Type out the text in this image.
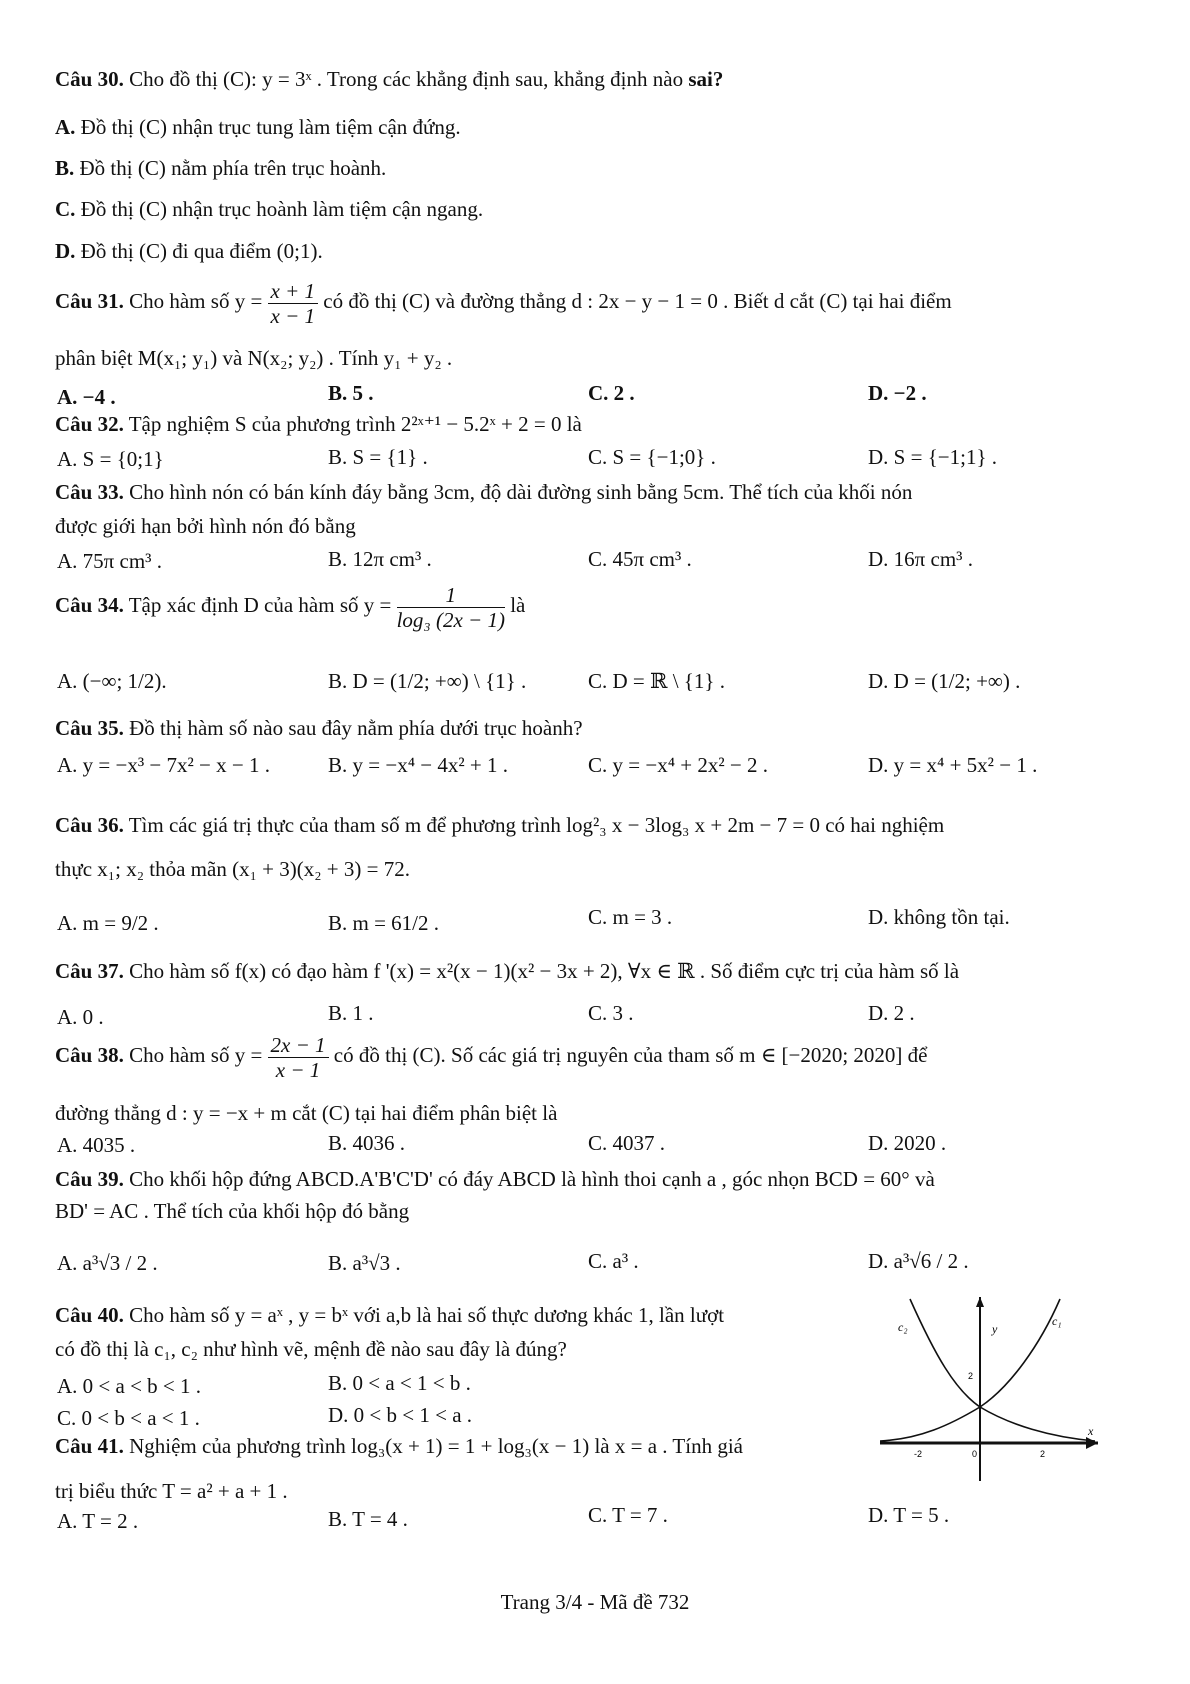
Câu 30. Cho đồ thị (C): y = 3ˣ . Trong các khẳng định sau, khẳng định nào sai?
A. Đồ thị (C) nhận trục tung làm tiệm cận đứng.
B. Đồ thị (C) nằm phía trên trục hoành.
C. Đồ thị (C) nhận trục hoành làm tiệm cận ngang.
D. Đồ thị (C) đi qua điểm (0;1).
Câu 31. Cho hàm số $y = \frac{x + 1}{x - 1}$ có đồ thị (C) và đường thẳng d : 2x − y − 1 = 0 . Biết d cắt (C) tại hai điểm
phân biệt M(x₁; y₁) và N(x₂; y₂) . Tính y₁ + y₂ .
A. −4 .	B. 5 .	C. 2 .	D. −2 .
Câu 32. Tập nghiệm S của phương trình 2²ˣ⁺¹ − 5.2ˣ + 2 = 0 là
A. S = {0;1}	B. S = {1} .	C. S = {−1;0} .	D. S = {−1;1} .
Câu 33. Cho hình nón có bán kính đáy bằng 3cm, độ dài đường sinh bằng 5cm. Thể tích của khối nón
được giới hạn bởi hình nón đó bằng
A. 75π cm³ .	B. 12π cm³ .	C. 45π cm³ .	D. 16π cm³ .
Câu 34. Tập xác định D của hàm số $y = \frac{1}{\text{log₃ (2x − 1)}}$ là
A. (−∞; 1/2).	B. D = (1/2; +∞) \ {1} .	C. D = ℝ \ {1} .	D. D = (1/2; +∞) .
Câu 35. Đồ thị hàm số nào sau đây nằm phía dưới trục hoành?
A. y = −x³ − 7x² − x − 1 .	B. y = −x⁴ − 4x² + 1 .	C. y = −x⁴ + 2x² − 2 .	D. y = x⁴ + 5x² − 1 .
Câu 36. Tìm các giá trị thực của tham số m để phương trình log²₃ x − 3log₃ x + 2m − 7 = 0 có hai nghiệm
thực x₁; x₂ thỏa mãn (x₁ + 3)(x₂ + 3) = 72.
A. m = 9/2 .	B. m = 61/2 .	C. m = 3 .	D. không tồn tại.
Câu 37. Cho hàm số f(x) có đạo hàm f '(x) = x²(x − 1)(x² − 3x + 2), ∀x ∈ ℝ . Số điểm cực trị của hàm số là
A. 0 .	B. 1 .	C. 3 .	D. 2 .
Câu 38. Cho hàm số $y = \frac{2x - 1}{x - 1}$ có đồ thị (C). Số các giá trị nguyên của tham số m ∈ [−2020; 2020] để
đường thẳng d : y = −x + m cắt (C) tại hai điểm phân biệt là
A. 4035 .	B. 4036 .	C. 4037 .	D. 2020 .
Câu 39. Cho khối hộp đứng ABCD.A'B'C'D' có đáy ABCD là hình thoi cạnh a , góc nhọn BCD = 60° và
BD' = AC . Thể tích của khối hộp đó bằng
A. a³√3 / 2 .	B. a³√3 .	C. a³ .	D. a³√6 / 2 .
Câu 40. Cho hàm số y = aˣ , y = bˣ với a,b là hai số thực dương khác 1, lần lượt
có đồ thị là c₁, c₂ như hình vẽ, mệnh đề nào sau đây là đúng?
A. 0 < a < b < 1 .	B. 0 < a < 1 < b .
C. 0 < b < a < 1 .	D. 0 < b < 1 < a .
c₂	y
c₁
2
x
-2	0	2
Câu 41. Nghiệm của phương trình log₃(x + 1) = 1 + log₃(x − 1) là x = a . Tính giá
trị biểu thức T = a² + a + 1 .
A. T = 2 .	B. T = 4 .	C. T = 7 .	D. T = 5 .
Trang 3/4 - Mã đề 732
